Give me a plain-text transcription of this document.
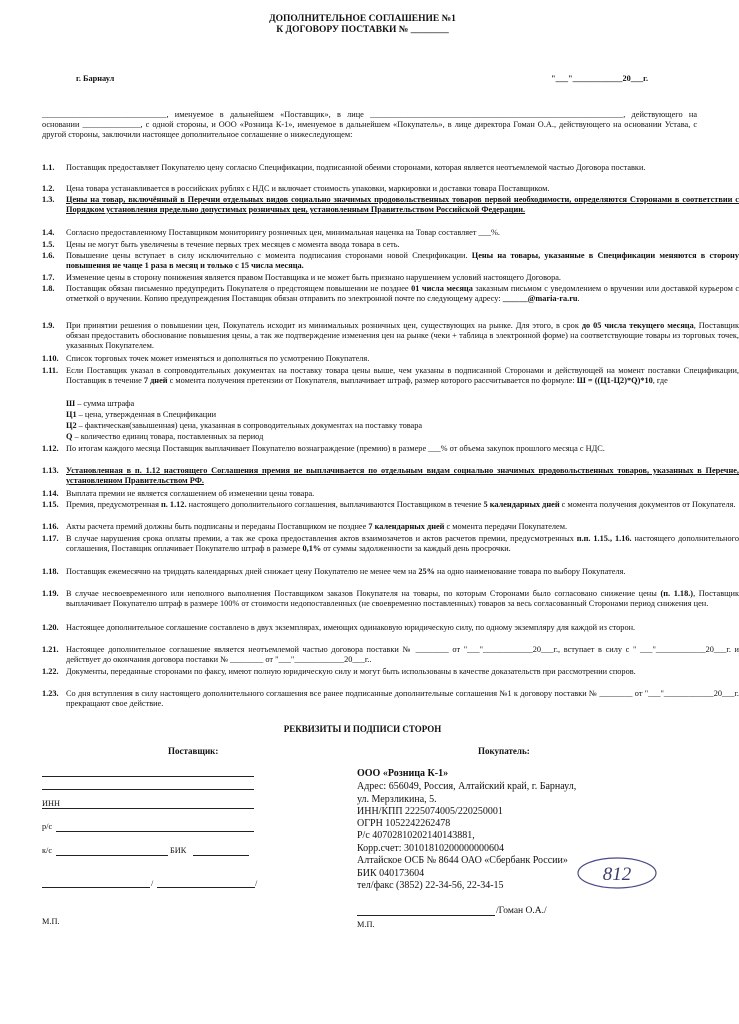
ДОПОЛНИТЕЛЬНОЕ СОГЛАШЕНИЕ №1
К ДОГОВОРУ ПОСТАВКИ № ________
г. Барнаул	"___"____________20___г.
______________________________, именуемое в дальнейшем «Поставщик», в лице _____________________________________________________________, действующего на основании ______________, с одной стороны, и ООО «Розница К-1», именуемое в дальнейшем «Покупатель», в лице директора Гоман О.А., действующего на основании Устава, с другой стороны, заключили настоящее дополнительное соглашение о нижеследующем:
1.1. Поставщик предоставляет Покупателю цену согласно Спецификации, подписанной обеими сторонами, которая является неотъемлемой частью Договора поставки.
1.2. Цена товара устанавливается в российских рублях с НДС и включает стоимость упаковки, маркировки и доставки товара Поставщиком.
1.3. Цены на товар, включённый в Перечни отдельных видов социально значимых продовольственных товаров первой необходимости, определяются Сторонами в соответствии с Порядком установления предельно допустимых розничных цен, установленным Правительством Российской Федерации.
1.4. Согласно предоставленному Поставщиком мониторингу розничных цен, минимальная наценка на Товар составляет ___%.
1.5. Цены не могут быть увеличены в течение первых трех месяцев с момента ввода товара в сеть.
1.6. Повышение цены вступает в силу исключительно с момента подписания сторонами новой Спецификации. Цены на товары, указанные в Спецификации меняются в сторону повышения не чаще 1 раза в месяц и только с 15 числа месяца.
1.7. Изменение цены в сторону понижения является правом Поставщика и не может быть признано нарушением условий настоящего Договора.
1.8. Поставщик обязан письменно предупредить Покупателя о предстоящем повышении не позднее 01 числа месяца заказным письмом с уведомлением о вручении или доставкой курьером с отметкой о вручении. Копию предупреждения Поставщик обязан отправить по электронной почте по следующему адресу: ______@maria-ra.ru.
1.9. При принятии решения о повышении цен, Покупатель исходит из минимальных розничных цен, существующих на рынке. Для этого, в срок до 05 числа текущего месяца, Поставщик обязан предоставить обоснование повышения цены, а так же подтверждение изменения цен на рынке (чеки + таблица в электронной форме) на соответствующие товары из торговых точек, указанных Покупателем.
1.10. Список торговых точек может изменяться и дополняться по усмотрению Покупателя.
1.11. Если Поставщик указал в сопроводительных документах на поставку товара цены выше, чем указаны в подписанной Сторонами и действующей на момент поставки Спецификации, Поставщик в течение 7 дней с момента получения претензии от Покупателя, выплачивает штраф, размер которого рассчитывается по формуле: Ш = ((Ц1-Ц2)*Q)*10, где
Ш – сумма штрафа
Ц1 – цена, утвержденная в Спецификации
Ц2 – фактическая(завышенная) цена, указанная в сопроводительных документах на поставку товара
Q – количество единиц товара, поставленных за период
1.12. По итогам каждого месяца Поставщик выплачивает Покупателю вознаграждение (премию) в размере ___% от объема закупок прошлого месяца с НДС.
1.13. Установленная в п. 1.12 настоящего Соглашения премия не выплачивается по отдельным видам социально значимых продовольственных товаров, указанных в Перечне, установленном Правительством РФ.
1.14. Выплата премии не является соглашением об изменении цены товара.
1.15. Премия, предусмотренная п. 1.12. настоящего дополнительного соглашения, выплачиваются Поставщиком в течение 5 календарных дней с момента получения документов от Покупателя.
1.16. Акты расчета премий должны быть подписаны и переданы Поставщиком не позднее 7 календарных дней с момента передачи Покупателем.
1.17. В случае нарушения срока оплаты премии, а так же срока предоставления актов взаимозачетов и актов расчетов премии, предусмотренных п.п. 1.15., 1.16. настоящего дополнительного соглашения, Поставщик оплачивает Покупателю штраф в размере 0,1% от суммы задолженности за каждый день просрочки.
1.18. Поставщик ежемесячно на тридцать календарных дней снижает цену Покупателю не менее чем на 25% на одно наименование товара по выбору Покупателя.
1.19. В случае несвоевременного или неполного выполнения Поставщиком заказов Покупателя на товары, по которым Сторонами было согласовано снижение цены (п. 1.18.), Поставщик выплачивает Покупателю штраф в размере 100% от стоимости недопоставленных (не своевременно поставленных) товаров за весь согласованный Сторонами период снижения цен.
1.20. Настоящее дополнительное соглашение составлено в двух экземплярах, имеющих одинаковую юридическую силу, по одному экземпляру для каждой из сторон.
1.21. Настоящее дополнительное соглашение является неотъемлемой частью договора поставки № ________ от "___"____________20___г., вступает в силу с " ___"____________20___г. и действует до окончания договора поставки № ________ от "___"____________20___г..
1.22. Документы, переданные сторонами по факсу, имеют полную юридическую силу и могут быть использованы в качестве доказательств при рассмотрении споров.
1.23. Со дня вступления в силу настоящего дополнительного соглашения все ранее подписанные дополнительные соглашения №1 к договору поставки № ________ от "___"____________20___г. прекращают свое действие.
РЕКВИЗИТЫ И ПОДПИСИ СТОРОН
Поставщик:	Покупатель:
ИНН
р/с
к/с	БИК
/	/
М.П.
ООО «Розница К-1»
Адрес: 656049, Россия, Алтайский край, г. Барнаул,
ул. Мерзликина, 5.
ИНН/КПП 2225074005/220250001
ОГРН 1052242262478
Р/с 40702810202140143881,
Корр.счет: 30101810200000000604
Алтайское ОСБ № 8644 ОАО «Сбербанк России»
БИК 040173604
тел/факс (3852) 22-34-56, 22-34-15
812
/Гоман О.А./
М.П.
